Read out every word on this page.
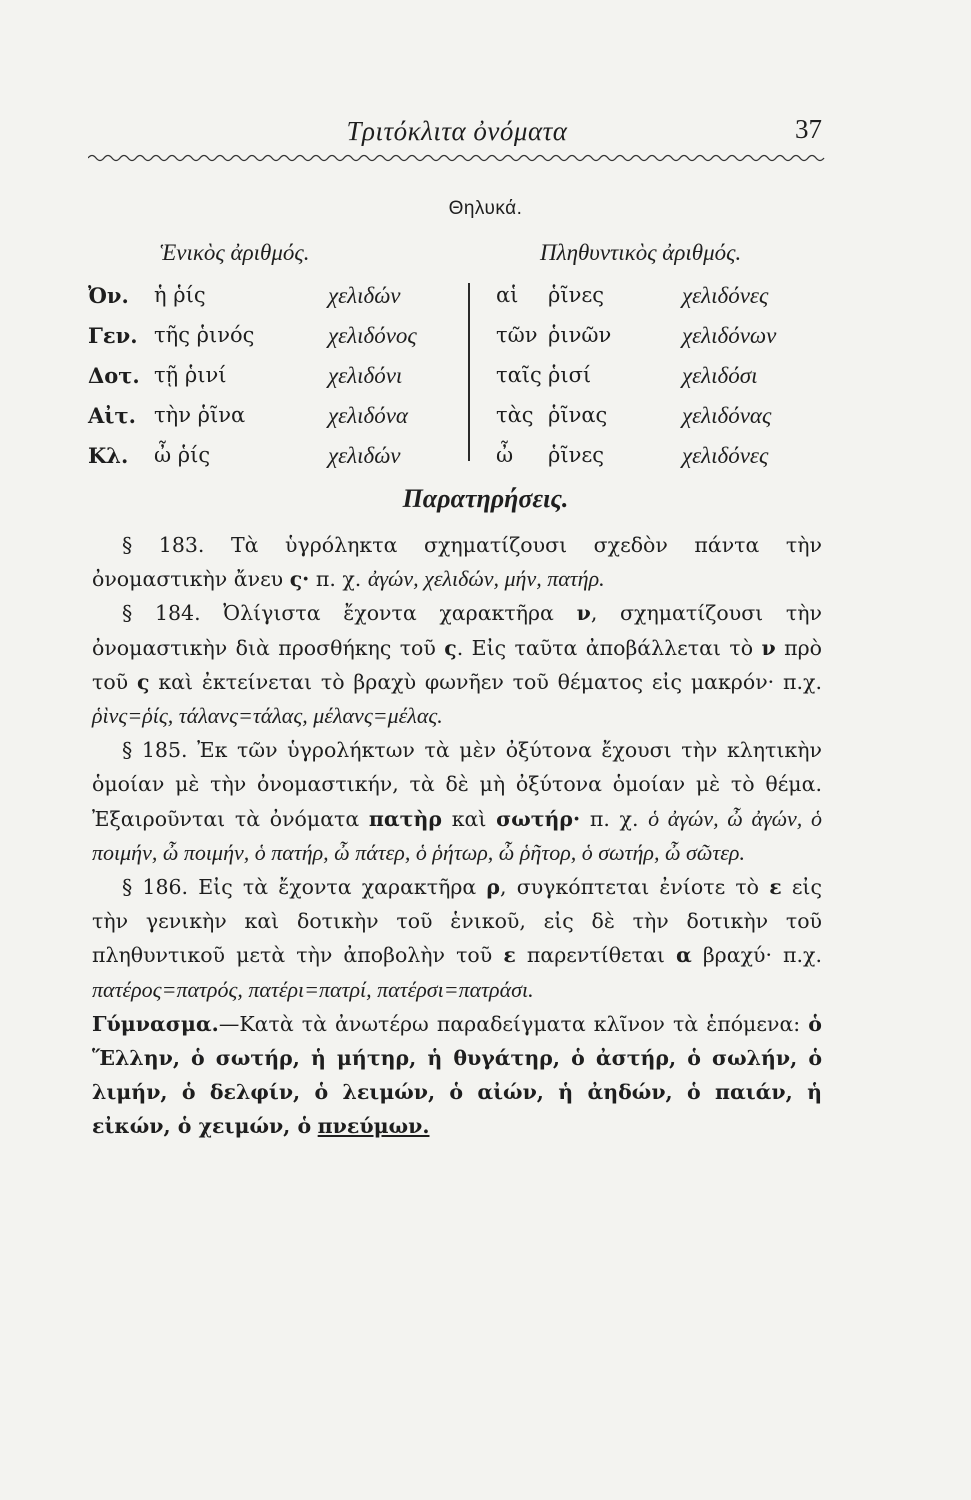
Τριτόκλιτα ὀνόματα	37
Θηλυκά.
Ἑνικὸς ἀριθμός.	Πληθυντικὸς ἀριθμός.
Ὀν. ἡ ῥίς	χελιδών	αἱ ῥῖνες	χελιδόνες
Γεν. τῆς ῥινός	χελιδόνος	τῶν ῥινῶν	χελιδόνων
Δοτ. τῇ ῥινί	χελιδόνι	ταῖς ῥισί	χελιδόσι
Αἰτ. τὴν ῥῖνα	χελιδόνα	τὰς ῥῖνας	χελιδόνας
Κλ. ὦ ῥίς	χελιδών	ὦ ῥῖνες	χελιδόνες
Παρατηρήσεις.

§ 183. Τὰ ὑγρόληκτα σχηματίζουσι σχεδὸν πάντα τὴν ὀνομαστικὴν ἄνευ ς· π. χ. ἀγών, χελιδών, μήν, πατήρ.

§ 184. Ὀλίγιστα ἔχοντα χαρακτῆρα ν, σχηματίζουσι τὴν ὀνομαστικὴν διὰ προσθήκης τοῦ ς. Εἰς ταῦτα ἀποβάλλεται τὸ ν πρὸ τοῦ ς καὶ ἐκτείνεται τὸ βραχὺ φωνῆεν τοῦ θέματος εἰς μακρόν· π.χ. ῥὶνς=ῥίς, τάλανς=τάλας, μέλανς=μέλας.

§ 185. Ἐκ τῶν ὑγρολήκτων τὰ μὲν ὀξύτονα ἔχουσι τὴν κλητικὴν ὁμοίαν μὲ τὴν ὀνομαστικήν, τὰ δὲ μὴ ὀξύτονα ὁμοίαν μὲ τὸ θέμα. Ἐξαιροῦνται τὰ ὀνόματα πατὴρ καὶ σωτήρ· π. χ. ὁ ἀγών, ὦ ἀγών, ὁ ποιμήν, ὦ ποιμήν, ὁ πατήρ, ὦ πάτερ, ὁ ῥήτωρ, ὦ ῥῆτορ, ὁ σωτήρ, ὦ σῶτερ.

§ 186. Εἰς τὰ ἔχοντα χαρακτῆρα ρ, συγκόπτεται ἐνίοτε τὸ ε εἰς τὴν γενικὴν καὶ δοτικὴν τοῦ ἑνικοῦ, εἰς δὲ τὴν δοτικὴν τοῦ πληθυντικοῦ μετὰ τὴν ἀποβολὴν τοῦ ε παρεντίθεται α βραχύ· π.χ. πατέρος=πατρός, πατέρι=πατρί, πατέρσι=πατράσι.

Γύμνασμα.—Κατὰ τὰ ἀνωτέρω παραδείγματα κλῖνον τὰ ἑπόμενα: ὁ Ἕλλην, ὁ σωτήρ, ἡ μήτηρ, ἡ θυγάτηρ, ὁ ἀστήρ, ὁ σωλήν, ὁ λιμήν, ὁ δελφίν, ὁ λειμών, ὁ αἰών, ἡ ἀηδών, ὁ παιάν, ἡ εἰκών, ὁ χειμών, ὁ πνεύμων.
